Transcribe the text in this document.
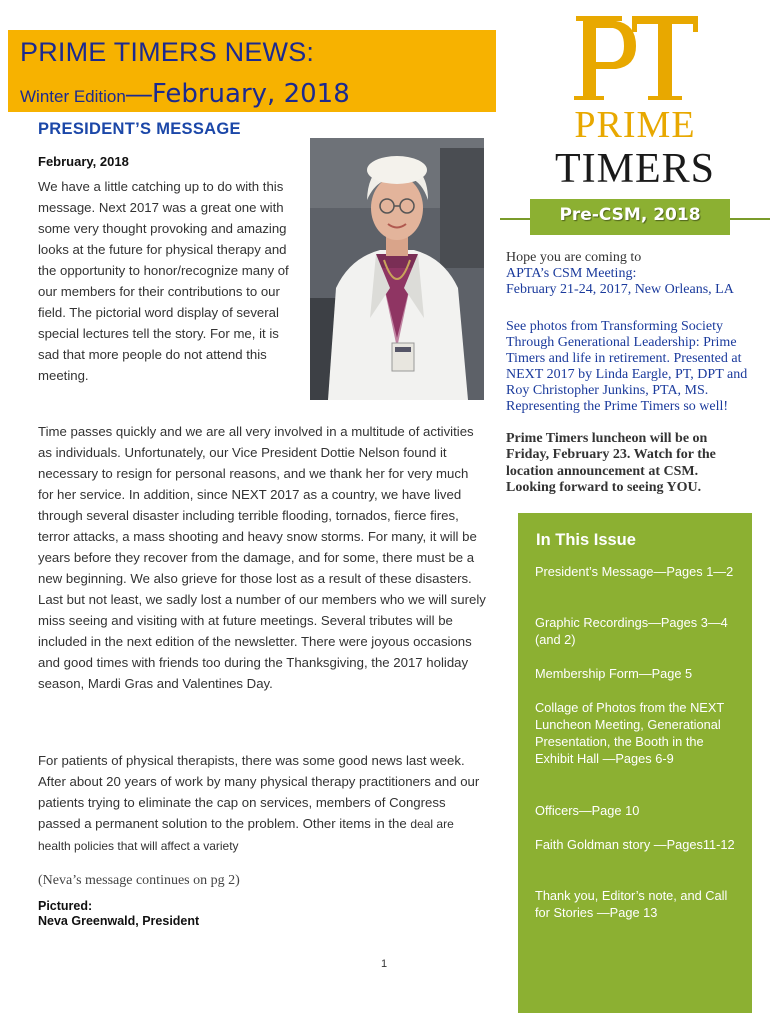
PRIME TIMERS NEWS:
Winter Edition—February, 2018
PRESIDENT’S MESSAGE
February, 2018
We have a little catching up to do with this message. Next 2017 was a great one with some very thought provoking and amazing looks at the future for physical therapy and the opportunity to honor/recognize many of our members for their contributions to our field. The pictorial word display of several special lectures tell the story. For me, it is sad that more people do not attend this meeting.
Time passes quickly and we are all very involved in a multitude of activities as individuals. Unfortunately, our Vice President Dottie Nelson found it necessary to resign for personal reasons, and we thank her for very much for her service. In addition, since NEXT 2017 as a country, we have lived through several disaster including terrible flooding, tornados, fierce fires, terror attacks, a mass shooting and heavy snow storms. For many, it will be years before they recover from the damage, and for some, there must be a new beginning. We also grieve for those lost as a result of these disasters. Last but not least, we sadly lost a number of our members who we will surely miss seeing and visiting with at future meetings. Several tributes will be included in the next edition of the newsletter. There were joyous occasions and good times with friends too during the Thanksgiving, the 2017 holiday season, Mardi Gras and Valentines Day.
For patients of physical therapists, there was some good news last week. After about 20 years of work by many physical therapy practitioners and our patients trying to eliminate the cap on services, members of Congress passed a permanent solution to the problem. Other items in the deal are health policies that will affect a variety
(Neva’s message continues on pg 2)
Pictured:
Neva Greenwald, President
1
PRIME
TIMERS
Pre-CSM, 2018
Hope you are coming to
APTA’s CSM Meeting:
February 21-24, 2017, New Orleans, LA
See photos from Transforming Society Through Generational Leadership: Prime Timers and life in retirement. Presented at NEXT 2017 by Linda Eargle, PT, DPT and Roy Christopher Junkins, PTA, MS. Representing the Prime Timers so well!
Prime Timers luncheon will be on Friday, February 23. Watch for the location announcement at CSM. Looking forward to seeing YOU.
In This Issue
President’s Message—Pages 1—2
Graphic Recordings—Pages 3—4 (and 2)
Membership Form—Page 5
Collage of Photos from the NEXT Luncheon Meeting, Generational Presentation, the Booth in the Exhibit Hall —Pages 6-9
Officers—Page 10
Faith Goldman story —Pages11-12
Thank you, Editor’s note, and Call for Stories —Page 13
